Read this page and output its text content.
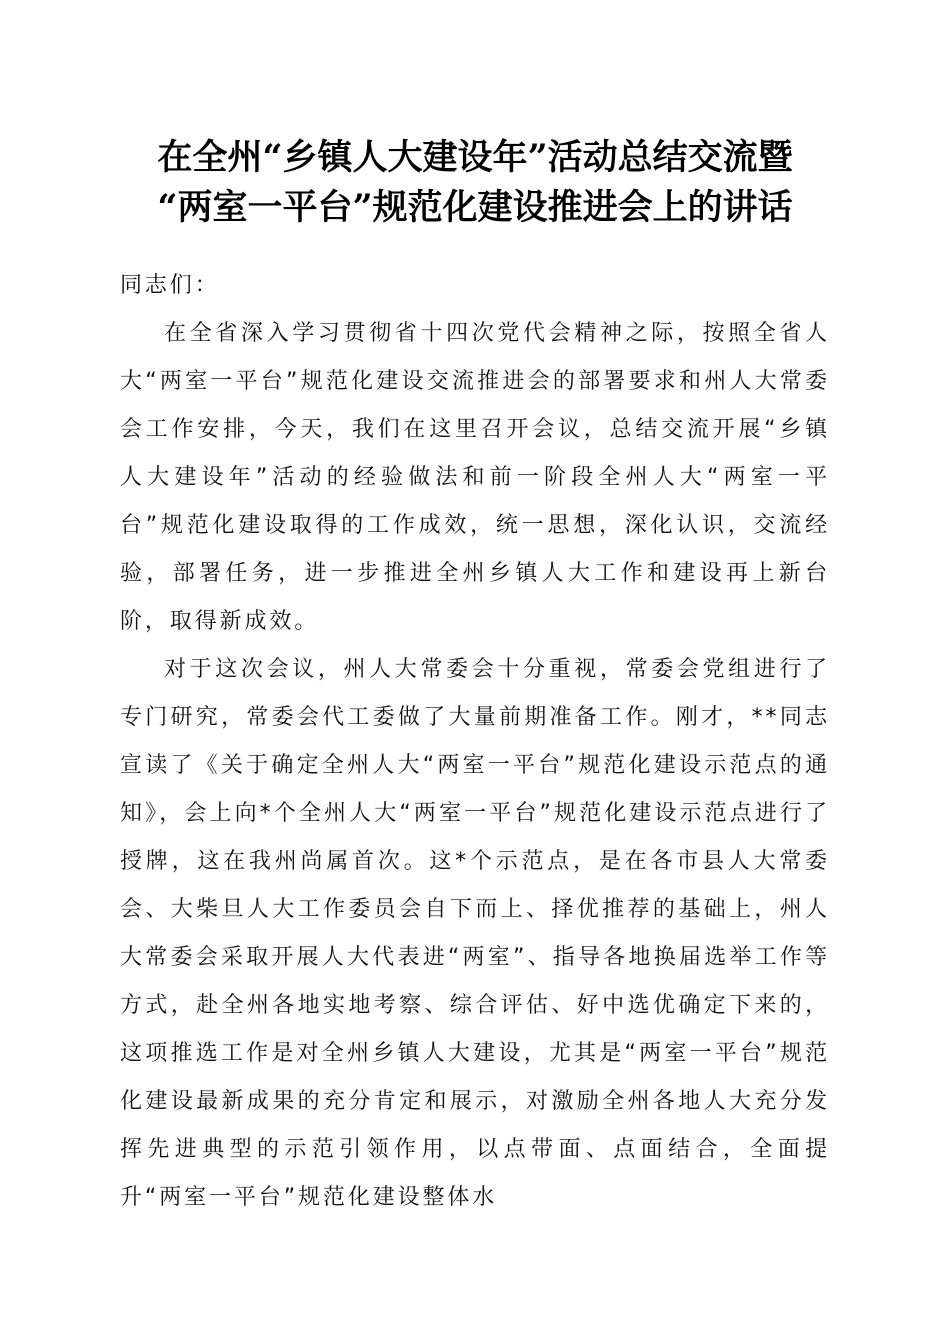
在全州“乡镇人大建设年”活动总结交流暨
“两室一平台”规范化建设推进会上的讲话

同志们：

在全省深入学习贯彻省十四次党代会精神之际，按照全省人大“两室一平台”规范化建设交流推进会的部署要求和州人大常委会工作安排，今天，我们在这里召开会议，总结交流开展“乡镇人大建设年”活动的经验做法和前一阶段全州人大“两室一平台”规范化建设取得的工作成效，统一思想，深化认识，交流经验，部署任务，进一步推进全州乡镇人大工作和建设再上新台阶，取得新成效。

对于这次会议，州人大常委会十分重视，常委会党组进行了专门研究，常委会代工委做了大量前期准备工作。刚才，**同志宣读了《关于确定全州人大“两室一平台”规范化建设示范点的通知》，会上向*个全州人大“两室一平台”规范化建设示范点进行了授牌，这在我州尚属首次。这*个示范点，是在各市县人大常委会、大柴旦人大工作委员会自下而上、择优推荐的基础上，州人大常委会采取开展人大代表进“两室”、指导各地换届选举工作等方式，赴全州各地实地考察、综合评估、好中选优确定下来的，这项推选工作是对全州乡镇人大建设，尤其是“两室一平台”规范化建设最新成果的充分肯定和展示，对激励全州各地人大充分发挥先进典型的示范引领作用，以点带面、点面结合，全面提升“两室一平台”规范化建设整体水
